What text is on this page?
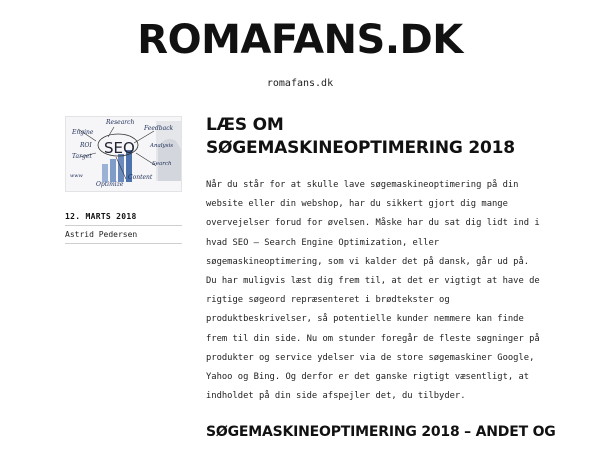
ROMAFANS.DK
romafans.dk
Engine
Research
Feedback
ROI SEO	Analysis
Target
Search
www	Content
Optimize
12. MARTS 2018
Astrid Pedersen
LÆS OM SØGEMASKINEOPTIMERING 2018

Når du står for at skulle lave søgemaskineoptimering på din website eller din webshop, har du sikkert gjort dig mange overvejelser forud for øvelsen. Måske har du sat dig lidt ind i hvad SEO – Search Engine Optimization, eller søgemaskineoptimering, som vi kalder det på dansk, går ud på. Du har muligvis læst dig frem til, at det er vigtigt at have de rigtige søgeord repræsenteret i brødtekster og produktbeskrivelser, så potentielle kunder nemmere kan finde frem til din side. Nu om stunder foregår de fleste søgninger på produkter og service ydelser via de store søgemaskiner Google, Yahoo og Bing. Og derfor er det ganske rigtigt væsentligt, at indholdet på din side afspejler det, du tilbyder.

SØGEMASKINEOPTIMERING 2018 – ANDET OG
